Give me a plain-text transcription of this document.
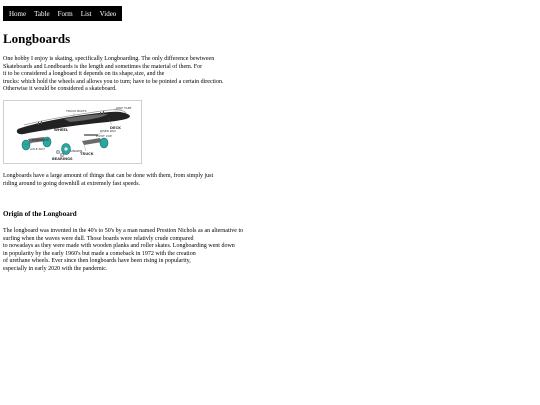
Home	Table	Form	List	Video
Longboards

One hobby I enjoy is skating, specifically Longboarding. The only difference bewtween
Skateboards and Londboards is the length and sometimes the material of them. For
it to be considered a longboard it depends on its shape,size, and the
trucks: which hold the wheels and allows you to turn; have to be pointed a certain direction.
Otherwise it would be considered a skateboard.

GRIP TAPE
TRUCK BOLTS
DECK
WHEEL
PIVOT CUP
RISER PAD
BASEPLATE
AXLE NUT	KINGPIN
TRUCK
BEARINGS

Longboards have a large amount of things that can be done with them, from simply just
riding around to going downhill at extremely fast speeds.

Origin of the Longboard

The longboard was invented in the 40's to 50's by a man named Prestion Nichols as an alternative to
surfing when the waves were dull. Those boards were relativly crude compared
to nowadays as they were made with wooden planks and roller skates. Longboarding went down
in popularity by the early 1960's but made a comeback in 1972 with the creation
of urethane wheels. Ever since then longboards have been rising in popularity,
especially in early 2020 with the pandemic.
